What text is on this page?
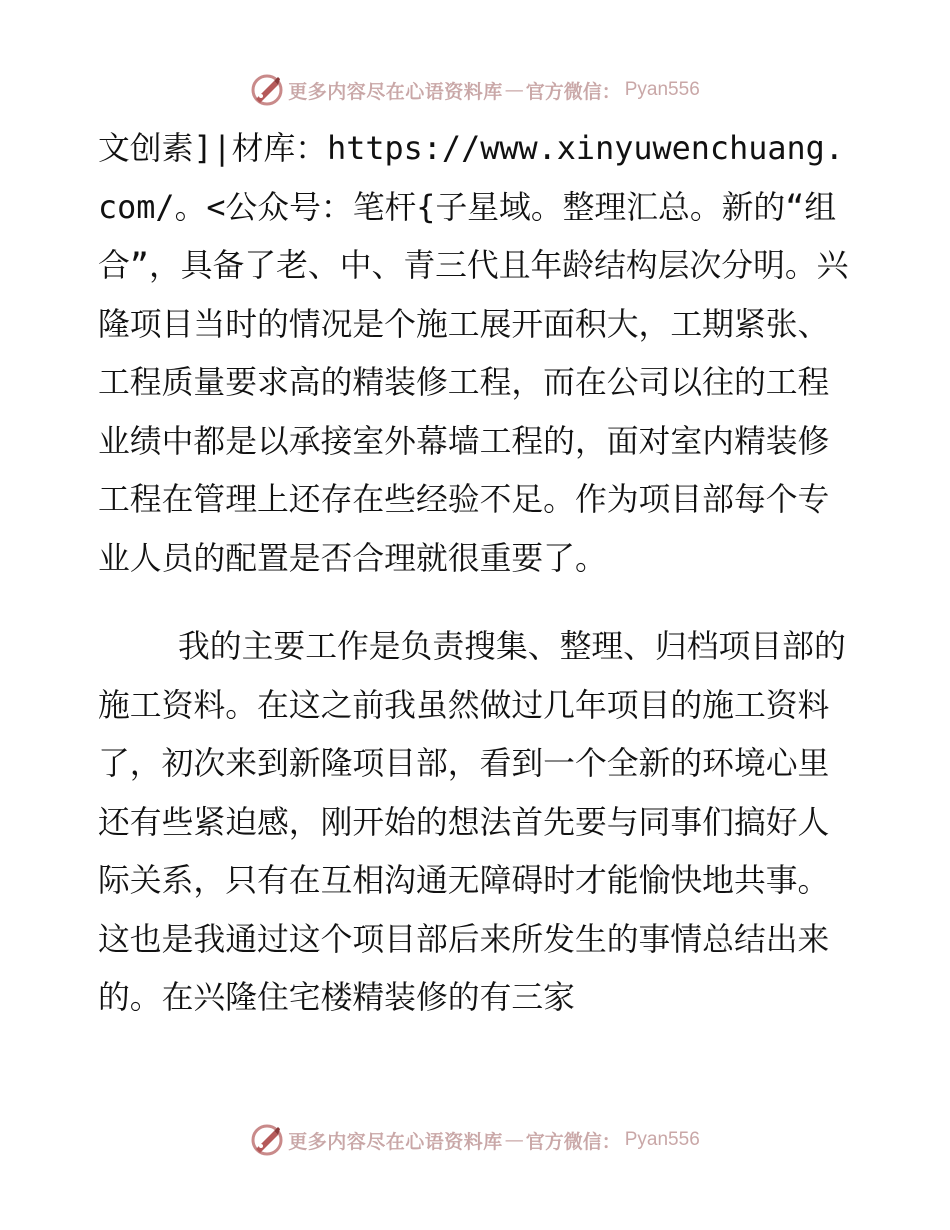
更多内容尽在心语资料库 — 官方微信： Pyan556

文创素]|材库：https://www.xinyuwenchuang.com/。<公众号：笔杆{子星域。整理汇总。新的“组合”，具备了老、中、青三代且年龄结构层次分明。兴隆项目当时的情况是个施工展开面积大，工期紧张、工程质量要求高的精装修工程，而在公司以往的工程业绩中都是以承接室外幕墙工程的，面对室内精装修工程在管理上还存在些经验不足。作为项目部每个专业人员的配置是否合理就很重要了。

我的主要工作是负责搜集、整理、归档项目部的施工资料。在这之前我虽然做过几年项目的施工资料了，初次来到新隆项目部，看到一个全新的环境心里还有些紧迫感，刚开始的想法首先要与同事们搞好人际关系，只有在互相沟通无障碍时才能愉快地共事。这也是我通过这个项目部后来所发生的事情总结出来的。在兴隆住宅楼精装修的有三家

更多内容尽在心语资料库 — 官方微信： Pyan556
